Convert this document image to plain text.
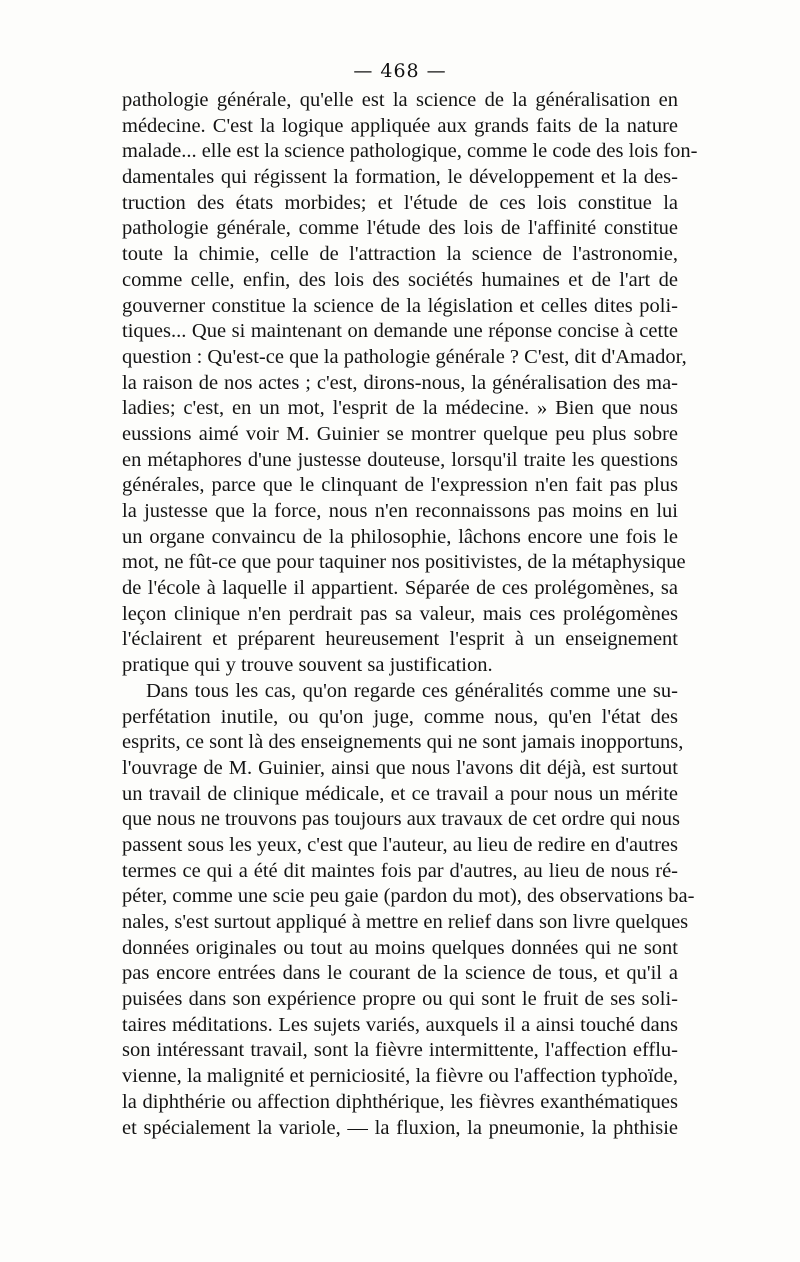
— 468 —
pathologie générale, qu'elle est la science de la généralisation en
médecine. C'est la logique appliquée aux grands faits de la nature
malade... elle est la science pathologique, comme le code des lois fon-
damentales qui régissent la formation, le développement et la des-
truction des états morbides; et l'étude de ces lois constitue la
pathologie générale, comme l'étude des lois de l'affinité constitue
toute la chimie, celle de l'attraction la science de l'astronomie,
comme celle, enfin, des lois des sociétés humaines et de l'art de
gouverner constitue la science de la législation et celles dites poli-
tiques... Que si maintenant on demande une réponse concise à cette
question : Qu'est-ce que la pathologie générale ? C'est, dit d'Amador,
la raison de nos actes ; c'est, dirons-nous, la généralisation des ma-
ladies; c'est, en un mot, l'esprit de la médecine. » Bien que nous
eussions aimé voir M. Guinier se montrer quelque peu plus sobre
en métaphores d'une justesse douteuse, lorsqu'il traite les questions
générales, parce que le clinquant de l'expression n'en fait pas plus
la justesse que la force, nous n'en reconnaissons pas moins en lui
un organe convaincu de la philosophie, lâchons encore une fois le
mot, ne fût-ce que pour taquiner nos positivistes, de la métaphysique
de l'école à laquelle il appartient. Séparée de ces prolégomènes, sa
leçon clinique n'en perdrait pas sa valeur, mais ces prolégomènes
l'éclairent et préparent heureusement l'esprit à un enseignement
pratique qui y trouve souvent sa justification.
Dans tous les cas, qu'on regarde ces généralités comme une su-
perfétation inutile, ou qu'on juge, comme nous, qu'en l'état des
esprits, ce sont là des enseignements qui ne sont jamais inopportuns,
l'ouvrage de M. Guinier, ainsi que nous l'avons dit déjà, est surtout
un travail de clinique médicale, et ce travail a pour nous un mérite
que nous ne trouvons pas toujours aux travaux de cet ordre qui nous
passent sous les yeux, c'est que l'auteur, au lieu de redire en d'autres
termes ce qui a été dit maintes fois par d'autres, au lieu de nous ré-
péter, comme une scie peu gaie (pardon du mot), des observations ba-
nales, s'est surtout appliqué à mettre en relief dans son livre quelques
données originales ou tout au moins quelques données qui ne sont
pas encore entrées dans le courant de la science de tous, et qu'il a
puisées dans son expérience propre ou qui sont le fruit de ses soli-
taires méditations. Les sujets variés, auxquels il a ainsi touché dans
son intéressant travail, sont la fièvre intermittente, l'affection efflu-
vienne, la malignité et perniciosité, la fièvre ou l'affection typhoïde,
la diphthérie ou affection diphthérique, les fièvres exanthématiques
et spécialement la variole, — la fluxion, la pneumonie, la phthisie
